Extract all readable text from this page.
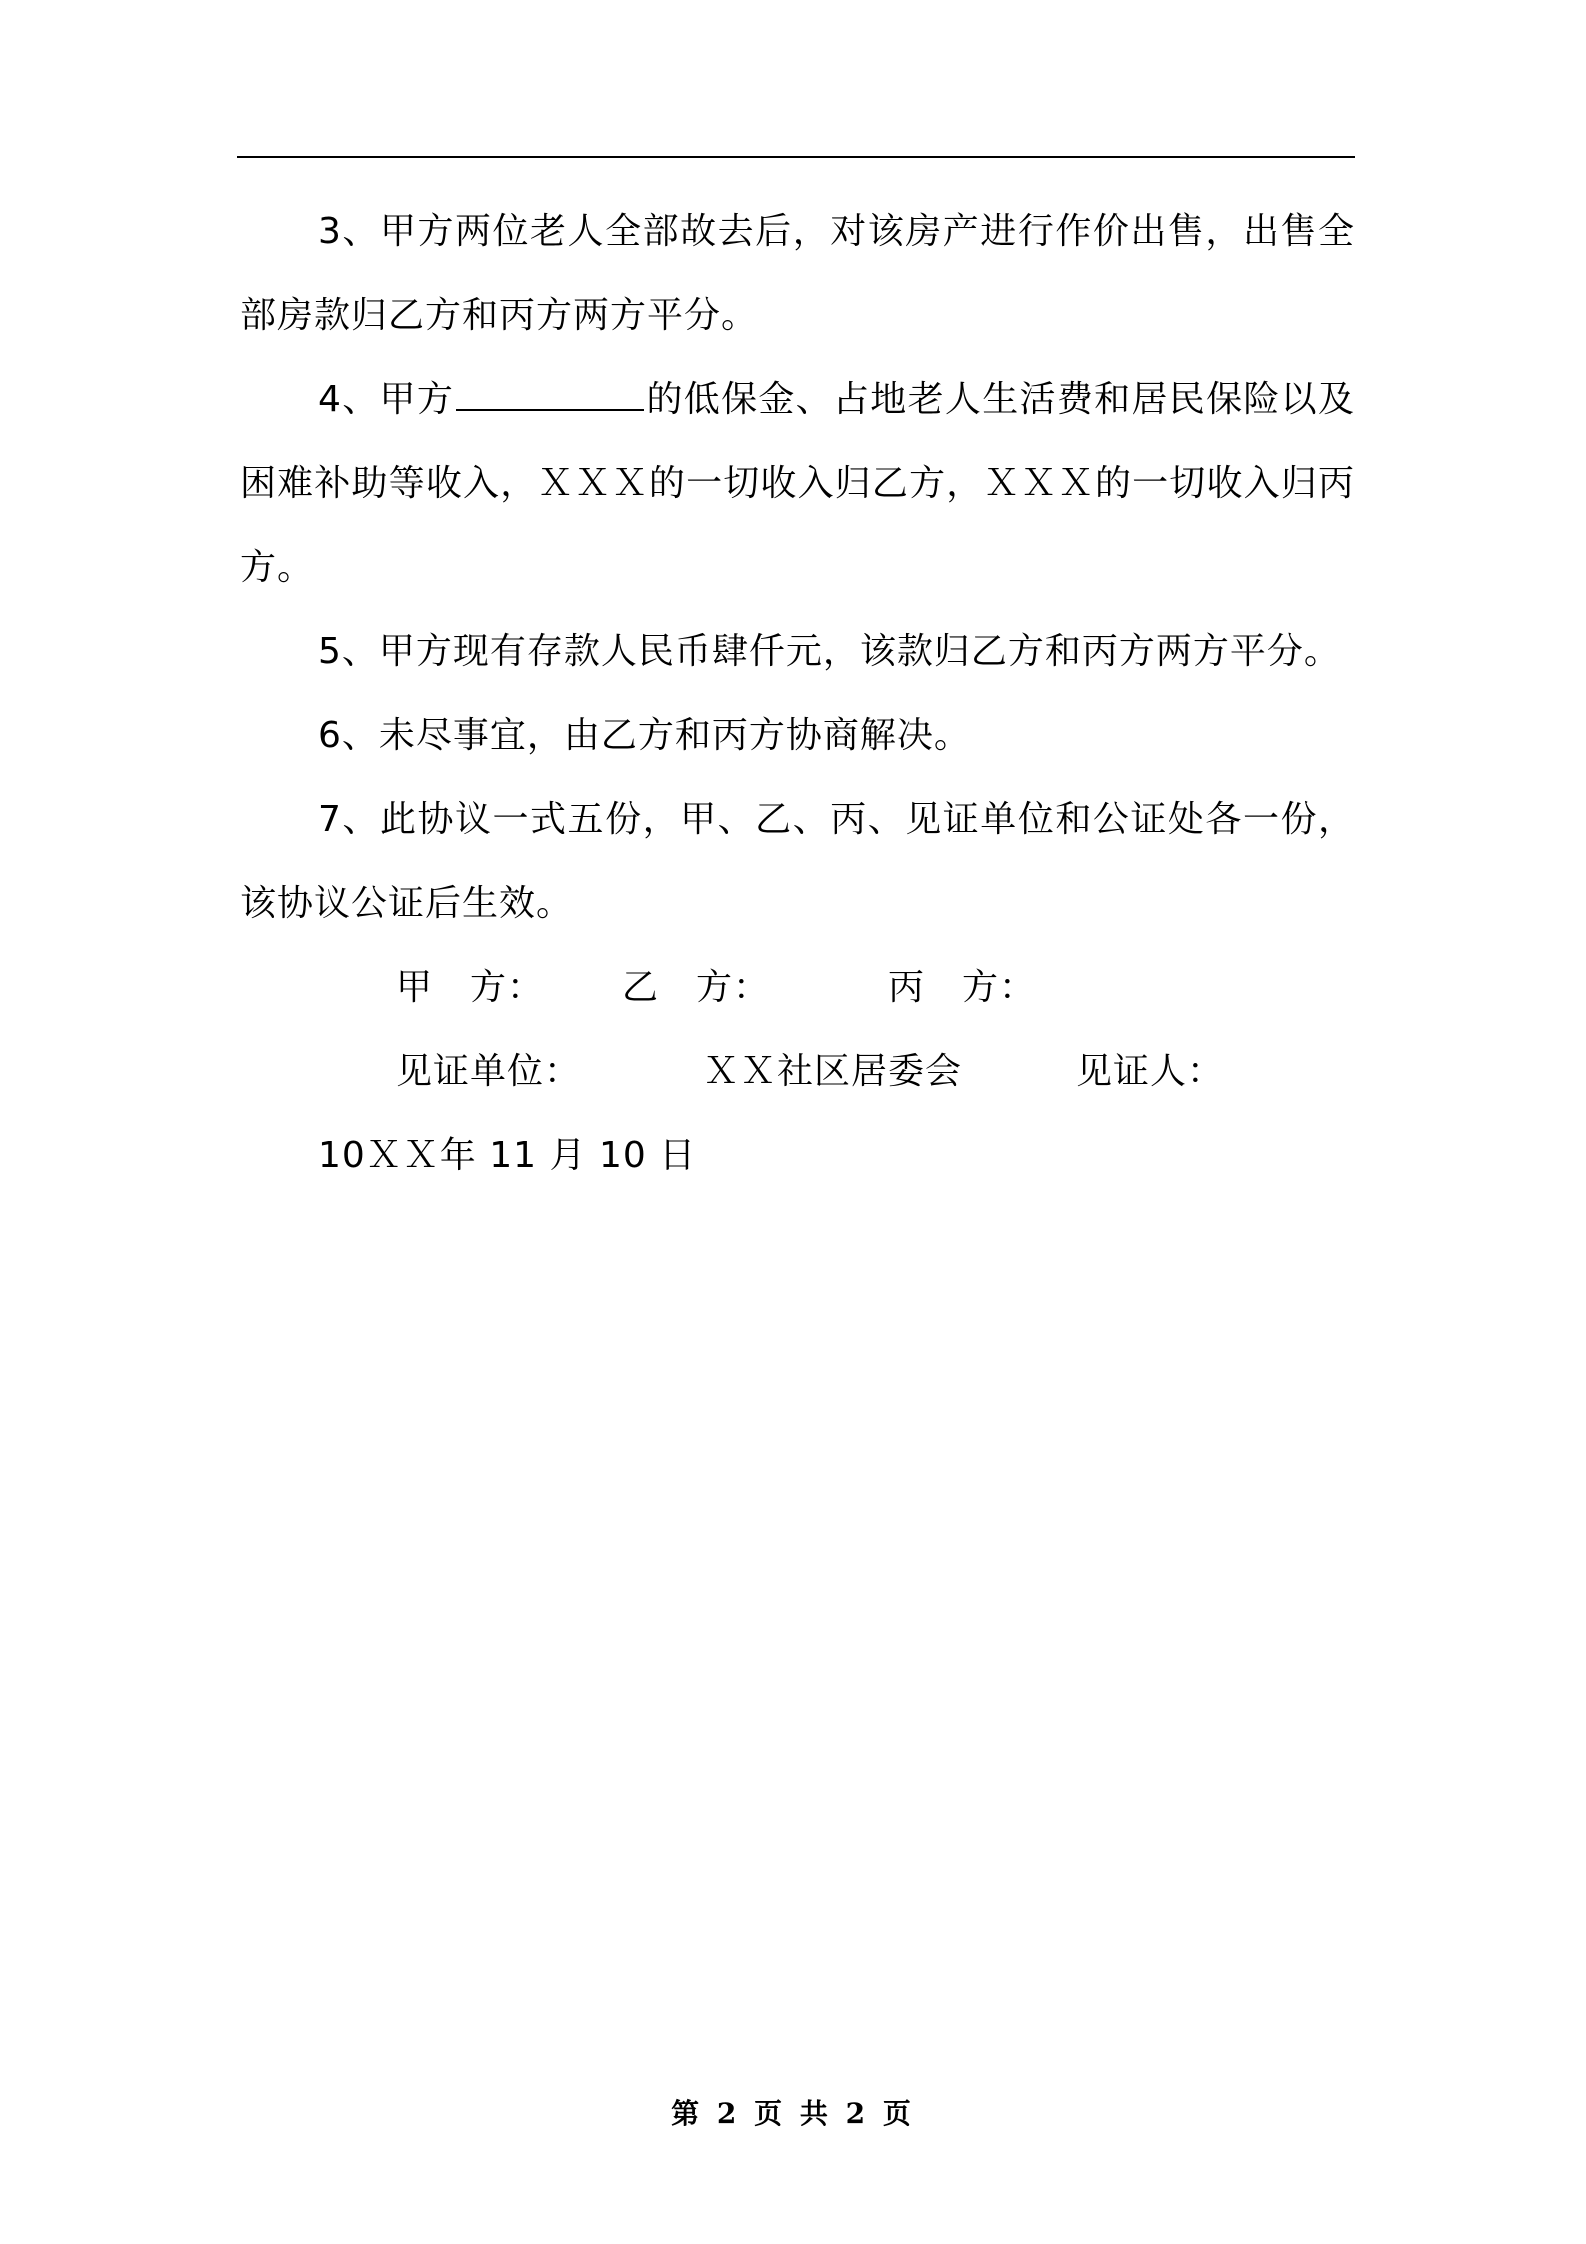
3、甲方两位老人全部故去后，对该房产进行作价出售，出售全部房款归乙方和丙方两方平分。

4、甲方	的低保金、占地老人生活费和居民保险以及困难补助等收入，ＸＸＸ的一切收入归乙方，ＸＸＸ的一切收入归丙方。

5、甲方现有存款人民币肆仟元，该款归乙方和丙方两方平分。

6、未尽事宜，由乙方和丙方协商解决。

7、此协议一式五份，甲、乙、丙、见证单位和公证处各一份，该协议公证后生效。

甲　方： 乙　方：	丙　方：

见证单位：	ＸＸ社区居委会	见证人：

10ＸＸ年 11 月 10 日

第 2 页 共 2 页
